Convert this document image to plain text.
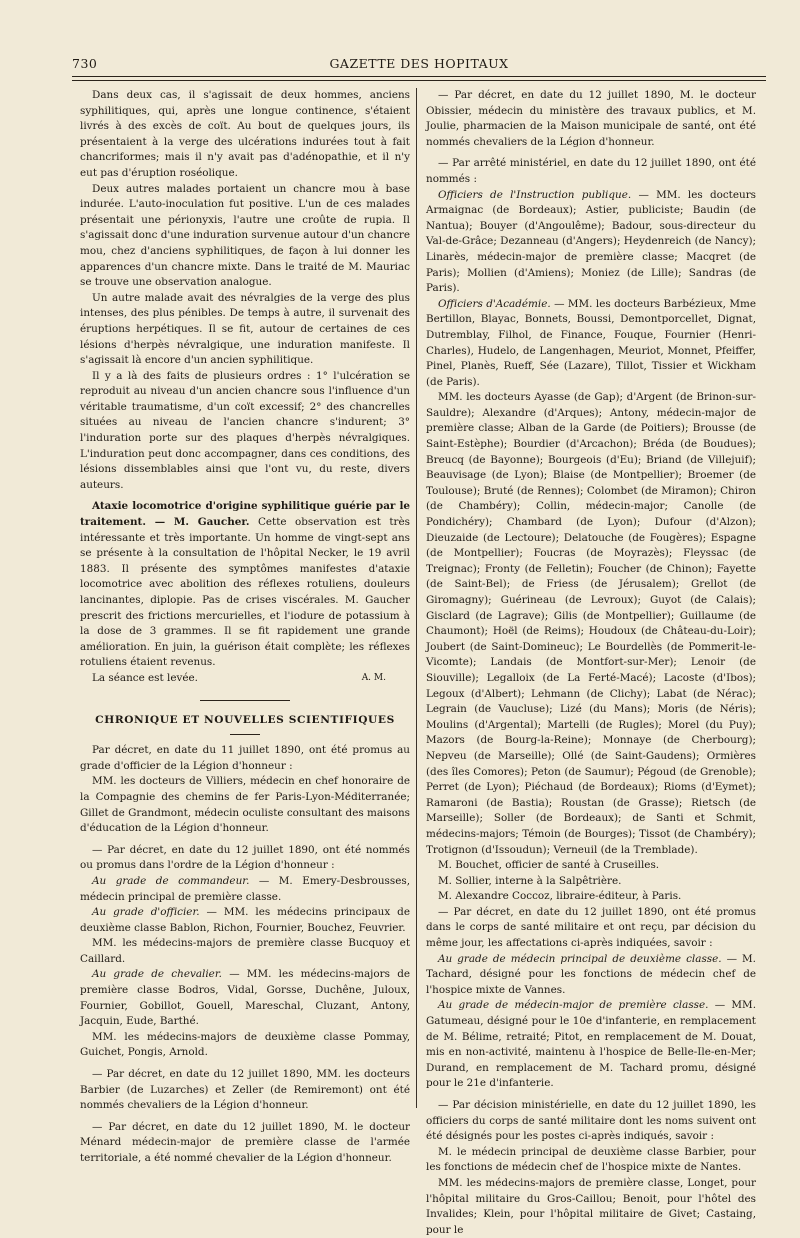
730	GAZETTE DES HOPITAUX

Dans deux cas, il s'agissait de deux hommes, anciens syphilitiques, qui, après une longue continence, s'étaient livrés à des excès de coït. Au bout de quelques jours, ils présentaient à la verge des ulcérations indurées tout à fait chancriformes; mais il n'y avait pas d'adénopathie, et il n'y eut pas d'éruption roséolique.

Deux autres malades portaient un chancre mou à base indurée. L'auto-inoculation fut positive. L'un de ces malades présentait une périonyxis, l'autre une croûte de rupia. Il s'agissait donc d'une induration survenue autour d'un chancre mou, chez d'anciens syphilitiques, de façon à lui donner les apparences d'un chancre mixte. Dans le traité de M. Mauriac se trouve une observation analogue.

Un autre malade avait des névralgies de la verge des plus intenses, des plus pénibles. De temps à autre, il survenait des éruptions herpétiques. Il se fit, autour de certaines de ces lésions d'herpès névralgique, une induration manifeste. Il s'agissait là encore d'un ancien syphilitique.

Il y a là des faits de plusieurs ordres : 1° l'ulcération se reproduit au niveau d'un ancien chancre sous l'influence d'un véritable traumatisme, d'un coït excessif; 2° des chancrelles situées au niveau de l'ancien chancre s'indurent; 3° l'induration porte sur des plaques d'herpès névralgiques. L'induration peut donc accompagner, dans ces conditions, des lésions dissemblables ainsi que l'ont vu, du reste, divers auteurs.

Ataxie locomotrice d'origine syphilitique guérie par le traitement. — M. Gaucher. Cette observation est très intéressante et très importante. Un homme de vingt-sept ans se présente à la consultation de l'hôpital Necker, le 19 avril 1883. Il présente des symptômes manifestes d'ataxie locomotrice avec abolition des réflexes rotuliens, douleurs lancinantes, diplopie. Pas de crises viscérales. M. Gaucher prescrit des frictions mercurielles, et l'iodure de potassium à la dose de 3 grammes. Il se fit rapidement une grande amélioration. En juin, la guérison était complète; les réflexes rotuliens étaient revenus.

La séance est levée.	A. M.

CHRONIQUE ET NOUVELLES SCIENTIFIQUES

Par décret, en date du 11 juillet 1890, ont été promus au grade d'officier de la Légion d'honneur :

MM. les docteurs de Villiers, médecin en chef honoraire de la Compagnie des chemins de fer Paris-Lyon-Méditerranée; Gillet de Grandmont, médecin oculiste consultant des maisons d'éducation de la Légion d'honneur.

— Par décret, en date du 12 juillet 1890, ont été nommés ou promus dans l'ordre de la Légion d'honneur :

Au grade de commandeur. — M. Emery-Desbrousses, médecin principal de première classe.

Au grade d'officier. — MM. les médecins principaux de deuxième classe Bablon, Richon, Fournier, Bouchez, Feuvrier.

MM. les médecins-majors de première classe Bucquoy et Caillard.

Au grade de chevalier. — MM. les médecins-majors de première classe Bodros, Vidal, Gorsse, Duchêne, Juloux, Fournier, Gobillot, Gouell, Mareschal, Cluzant, Antony, Jacquin, Eude, Barthé.

MM. les médecins-majors de deuxième classe Pommay, Guichet, Pongis, Arnold.

— Par décret, en date du 12 juillet 1890, MM. les docteurs Barbier (de Luzarches) et Zeller (de Remiremont) ont été nommés chevaliers de la Légion d'honneur.

— Par décret, en date du 12 juillet 1890, M. le docteur Ménard médecin-major de première classe de l'armée territoriale, a été nommé chevalier de la Légion d'honneur.

— Par décret, en date du 12 juillet 1890, M. le docteur Obissier, médecin du ministère des travaux publics, et M. Joulie, pharmacien de la Maison municipale de santé, ont été nommés chevaliers de la Légion d'honneur.

— Par arrêté ministériel, en date du 12 juillet 1890, ont été nommés :

Officiers de l'Instruction publique. — MM. les docteurs Armaignac (de Bordeaux); Astier, publiciste; Baudin (de Nantua); Bouyer (d'Angoulême); Badour, sous-directeur du Val-de-Grâce; Dezanneau (d'Angers); Heydenreich (de Nancy); Linarès, médecin-major de première classe; Macqret (de Paris); Mollien (d'Amiens); Moniez (de Lille); Sandras (de Paris).

Officiers d'Académie. — MM. les docteurs Barbézieux, Mme Bertillon, Blayac, Bonnets, Boussi, Demontporcellet, Dignat, Dutremblay, Filhol, de Finance, Fouque, Fournier (Henri-Charles), Hudelo, de Langenhagen, Meuriot, Monnet, Pfeiffer, Pinel, Planès, Rueff, Sée (Lazare), Tillot, Tissier et Wickham (de Paris).

MM. les docteurs Ayasse (de Gap); d'Argent (de Brinon-sur-Sauldre); Alexandre (d'Arques); Antony, médecin-major de première classe; Alban de la Garde (de Poitiers); Brousse (de Saint-Estèphe); Bourdier (d'Arcachon); Bréda (de Boudues); Breucq (de Bayonne); Bourgeois (d'Eu); Briand (de Villejuif); Beauvisage (de Lyon); Blaise (de Montpellier); Broemer (de Toulouse); Bruté (de Rennes); Colombet (de Miramon); Chiron (de Chambéry); Collin, médecin-major; Canolle (de Pondichéry); Chambard (de Lyon); Dufour (d'Alzon); Dieuzaide (de Lectoure); Delatouche (de Fougères); Espagne (de Montpellier); Foucras (de Moyrazès); Fleyssac (de Treignac); Fronty (de Felletin); Foucher (de Chinon); Fayette (de Saint-Bel); de Friess (de Jérusalem); Grellot (de Giromagny); Guérineau (de Levroux); Guyot (de Calais); Gisclard (de Lagrave); Gilis (de Montpellier); Guillaume (de Chaumont); Hoël (de Reims); Houdoux (de Château-du-Loir); Joubert (de Saint-Domineuc); Le Bourdellès (de Pommerit-le-Vicomte); Landais (de Montfort-sur-Mer); Lenoir (de Siouville); Legalloix (de La Ferté-Macé); Lacoste (d'Ibos); Legoux (d'Albert); Lehmann (de Clichy); Labat (de Nérac); Legrain (de Vaucluse); Lizé (du Mans); Moris (de Néris); Moulins (d'Argental); Martelli (de Rugles); Morel (du Puy); Mazors (de Bourg-la-Reine); Monnaye (de Cherbourg); Nepveu (de Marseille); Ollé (de Saint-Gaudens); Ormières (des îles Comores); Peton (de Saumur); Pégoud (de Grenoble); Perret (de Lyon); Piéchaud (de Bordeaux); Rioms (d'Eymet); Ramaroni (de Bastia); Roustan (de Grasse); Rietsch (de Marseille); Soller (de Bordeaux); de Santi et Schmit, médecins-majors; Témoin (de Bourges); Tissot (de Chambéry); Trotignon (d'Issoudun); Verneuil (de la Tremblade).

M. Bouchet, officier de santé à Cruseilles.

M. Sollier, interne à la Salpêtrière.

M. Alexandre Coccoz, libraire-éditeur, à Paris.

— Par décret, en date du 12 juillet 1890, ont été promus dans le corps de santé militaire et ont reçu, par décision du même jour, les affectations ci-après indiquées, savoir :

Au grade de médecin principal de deuxième classe. — M. Tachard, désigné pour les fonctions de médecin chef de l'hospice mixte de Vannes.

Au grade de médecin-major de première classe. — MM. Gatumeau, désigné pour le 10e d'infanterie, en remplacement de M. Bélime, retraité; Pitot, en remplacement de M. Douat, mis en non-activité, maintenu à l'hospice de Belle-Ile-en-Mer; Durand, en remplacement de M. Tachard promu, désigné pour le 21e d'infanterie.

— Par décision ministérielle, en date du 12 juillet 1890, les officiers du corps de santé militaire dont les noms suivent ont été désignés pour les postes ci-après indiqués, savoir :

M. le médecin principal de deuxième classe Barbier, pour les fonctions de médecin chef de l'hospice mixte de Nantes.

MM. les médecins-majors de première classe, Longet, pour l'hôpital militaire du Gros-Caillou; Benoit, pour l'hôtel des Invalides; Klein, pour l'hôpital militaire de Givet; Castaing, pour le
